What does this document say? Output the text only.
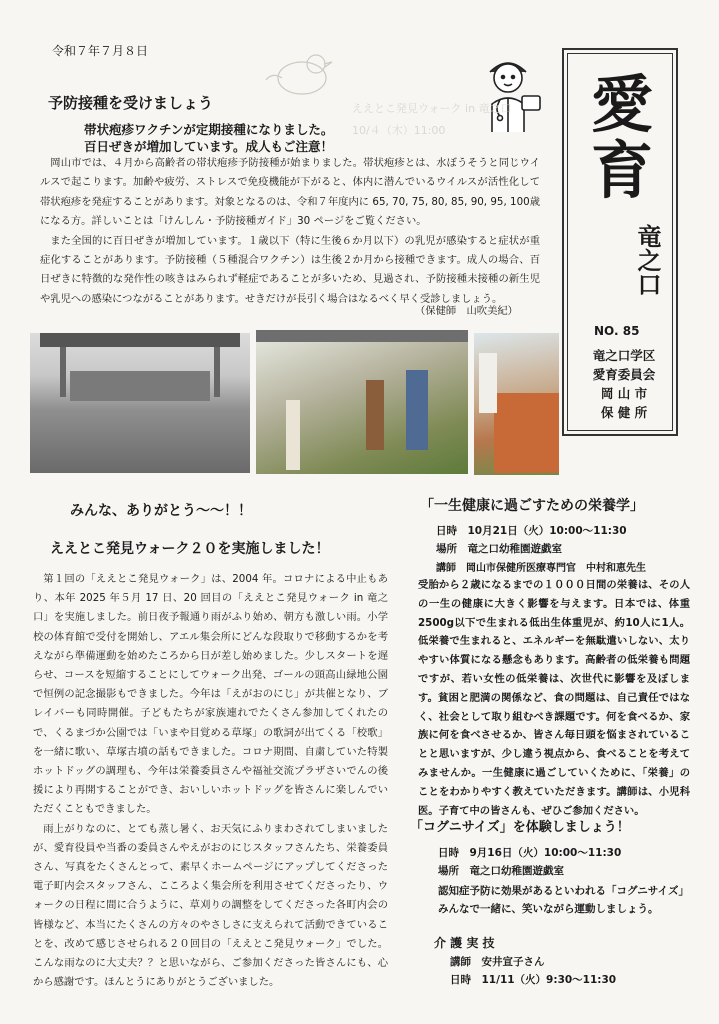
令和７年７月８日
ええとこ発見ウォーク in 竜之口
10/４（木）11:00
予防接種を受けましょう
帯状疱疹ワクチンが定期接種になりました。
百日ぜきが増加しています。成人もご注意！

岡山市では、４月から高齢者の帯状疱疹予防接種が始まりました。帯状疱疹とは、水ぼうそうと同じウイルスで起こります。加齢や疲労、ストレスで免疫機能が下がると、体内に潜んでいるウイルスが活性化して帯状疱疹を発症することがあります。対象となるのは、令和７年度内に 65, 70, 75, 80, 85, 90, 95, 100歳になる方。詳しいことは「けんしん・予防接種ガイド」30 ページをご覧ください。

また全国的に百日ぜきが増加しています。１歳以下（特に生後６か月以下）の乳児が感染すると症状が重症化することがあります。予防接種（５種混合ワクチン）は生後２か月から接種できます。成人の場合、百日ぜきに特徴的な発作性の咳きはみられず軽症であることが多いため、見過され、予防接種未接種の新生児や乳児への感染につながることがあります。せきだけが長引く場合はなるべく早く受診しましょう。

（保健師　山吹美紀）
愛
育
竜之口
NO. 85
竜之口学区
愛育委員会
岡 山 市
保 健 所
みんな、ありがとう～～！！
ええとこ発見ウォーク２０を実施しました！

第１回の「ええとこ発見ウォーク」は、2004 年。コロナによる中止もあり、本年 2025 年５月 17 日、20 回目の「ええとこ発見ウォーク in 竜之口」を実施しました。前日夜予報通り雨がふり始め、朝方も激しい雨。小学校の体育館で受付を開始し、アエル集会所にどんな段取りで移動するかを考えながら準備運動を始めたころから日が差し始めました。少しスタートを遅らせ、コースを短縮することにしてウォーク出発、ゴールの頭高山緑地公園で恒例の記念撮影もできました。今年は「えがおのにじ」が共催となり、ブレイバーも同時開催。子どもたちが家族連れでたくさん参加してくれたので、くるまづか公園では「いまや目覚める草塚」の歌詞が出てくる「校歌」を一緒に歌い、草塚古墳の話もできました。コロナ期間、自粛していた特製ホットドッグの調理も、今年は栄養委員さんや福祉交流プラザさいでんの後援により再開することができ、おいしいホットドッグを皆さんに楽しんでいただくこともできました。

雨上がりなのに、とても蒸し暑く、お天気にふりまわされてしまいましたが、愛育役員や当番の委員さんやえがおのにじスタッフさんたち、栄養委員さん、写真をたくさんとって、素早くホームページにアップしてくださった電子町内会スタッフさん、こころよく集会所を利用させてくださったり、ウォークの日程に間に合うように、草刈りの調整をしてくださった各町内会の皆様など、本当にたくさんの方々のやさしさに支えられて活動できていることを、改めて感じさせられる２０回目の「ええとこ発見ウォーク」でした。こんな雨なのに大丈夫？？と思いながら、ご参加くださった皆さんにも、心から感謝です。ほんとうにありがとうございました。

「一生健康に過ごすための栄養学」
日時　10月21日（火）10:00～11:30
場所　竜之口幼稚園遊戯室
講師　岡山市保健所医療専門官　中村和恵先生

受胎から２歳になるまでの１０００日間の栄養は、その人の一生の健康に大きく影響を与えます。日本では、体重2500g以下で生まれる低出生体重児が、約10人に1人。低栄養で生まれると、エネルギーを無駄遣いしない、太りやすい体質になる懸念もあります。高齢者の低栄養も問題ですが、若い女性の低栄養は、次世代に影響を及ぼします。貧困と肥満の関係など、食の問題は、自己責任ではなく、社会として取り組むべき課題です。何を食べるか、家族に何を食べさせるか、皆さん毎日頭を悩まされていることと思いますが、少し違う視点から、食べることを考えてみませんか。一生健康に過ごしていくために、「栄養」のことをわかりやすく教えていただきます。講師は、小児科医。子育て中の皆さんも、ぜひご参加ください。

「コグニサイズ」を体験しましょう！
日時　9月16日（火）10:00～11:30
場所　竜之口幼稚園遊戯室
認知症予防に効果があるといわれる「コグニサイズ」
みんなで一緒に、笑いながら運動しましょう。
介 護 実 技
講師　安井宣子さん
日時　11/11（火）9:30～11:30
